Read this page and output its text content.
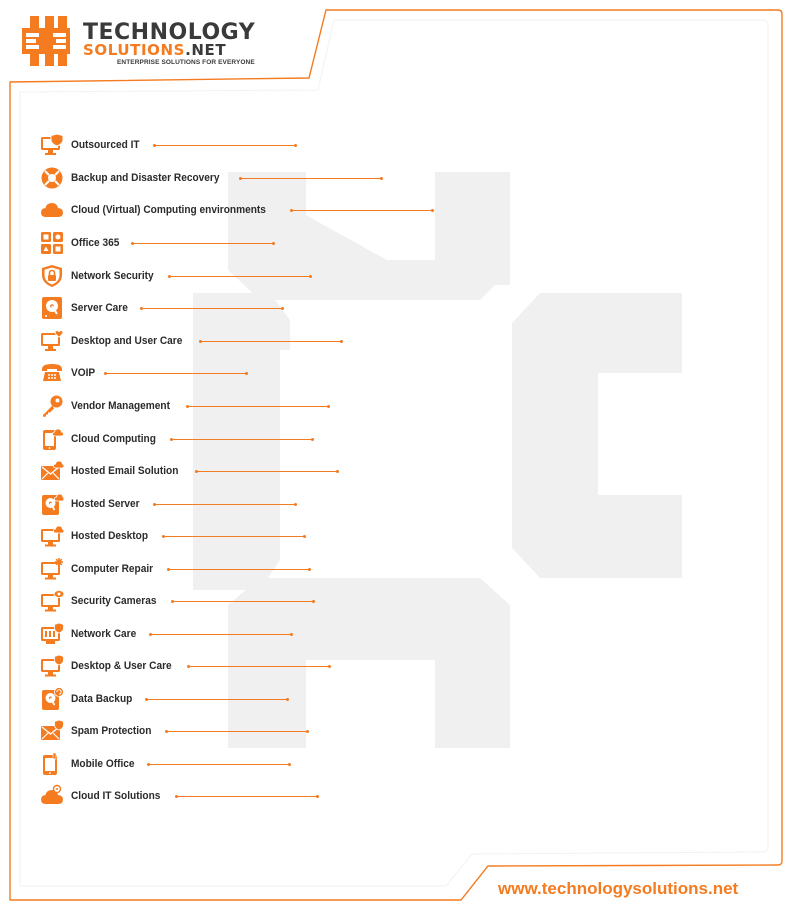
TECHNOLOGY
SOLUTIONS.NET
ENTERPRISE SOLUTIONS FOR EVERYONE
Outsourced IT
Backup and Disaster Recovery
Cloud (Virtual) Computing environments
Office 365
Network Security
Server Care
Desktop and User Care
VOIP
Vendor Management
Cloud Computing
Hosted Email Solution
Hosted Server
Hosted Desktop
Computer Repair
Security Cameras
Network Care
Desktop & User Care
Data Backup
Spam Protection
Mobile Office
Cloud IT Solutions
www.technologysolutions.net
